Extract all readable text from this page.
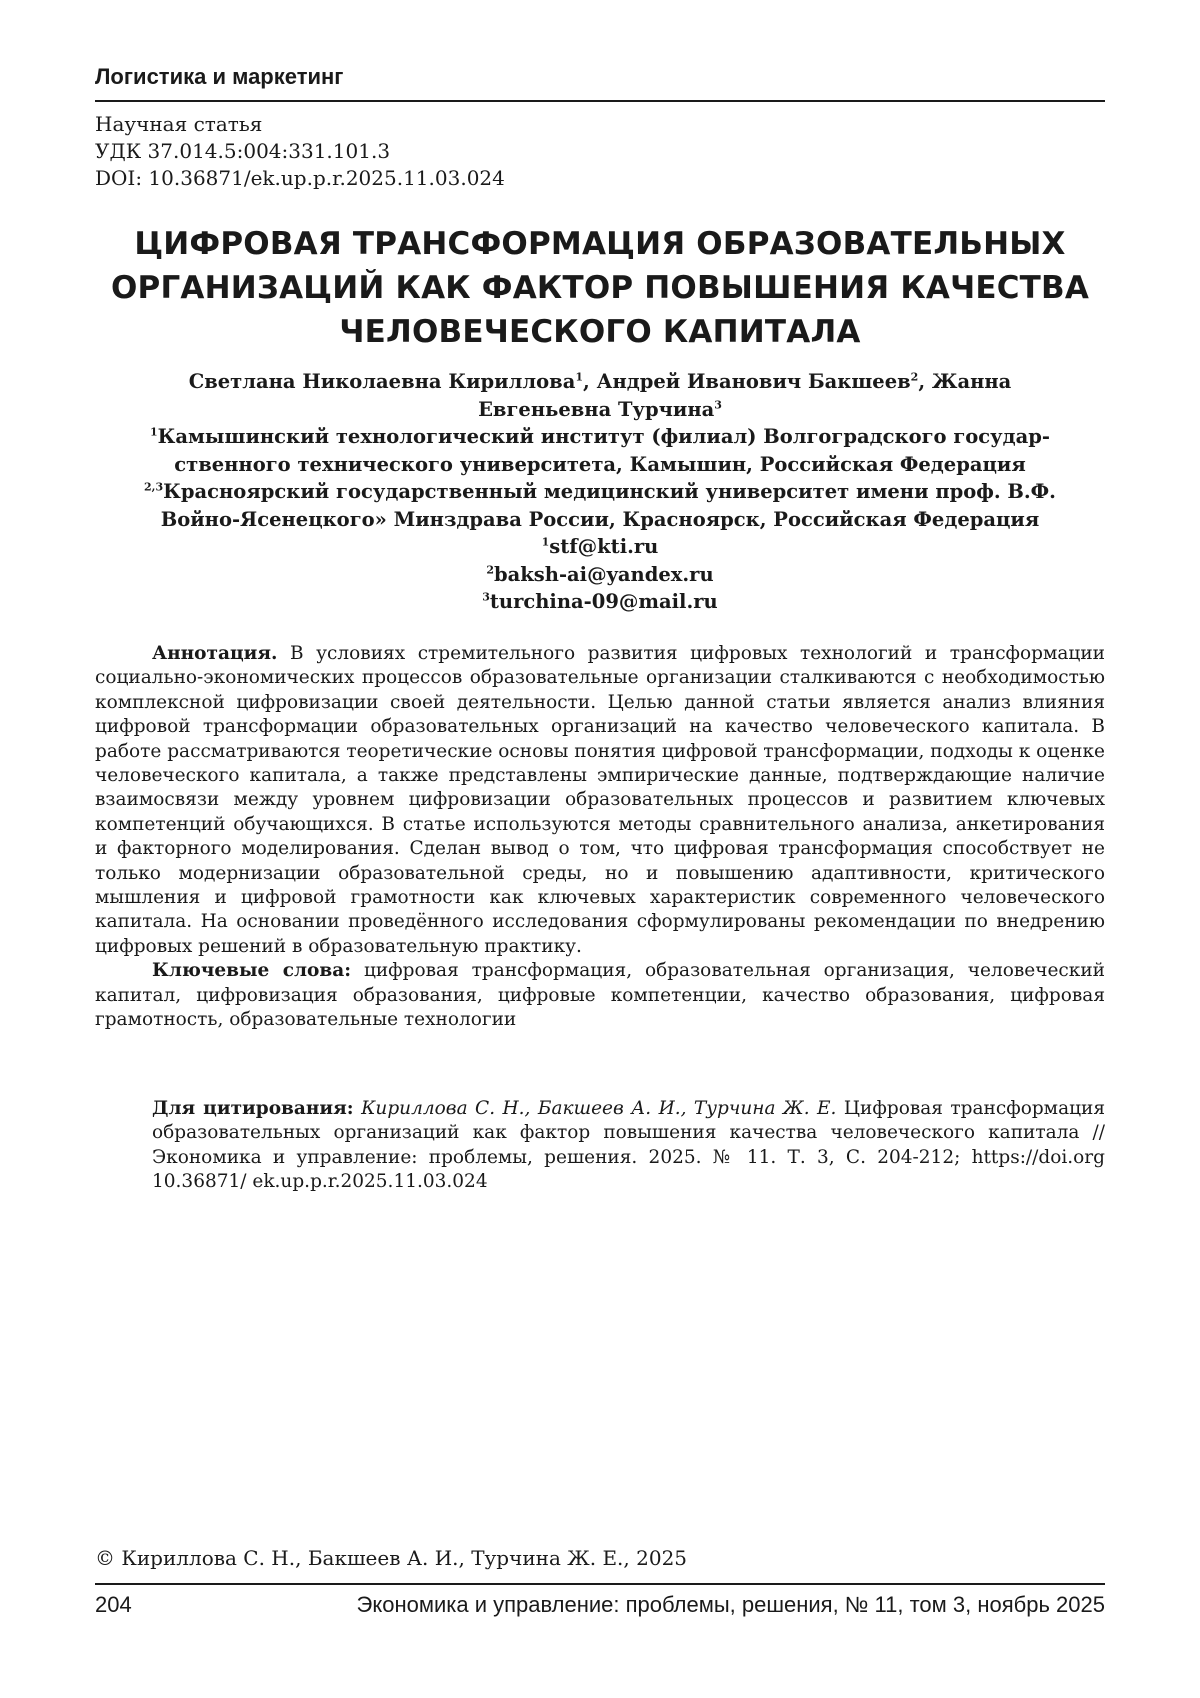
Логистика и маркетинг
Научная статья
УДК 37.014.5:004:331.101.3
DOI: 10.36871/ek.up.p.r.2025.11.03.024
ЦИФРОВАЯ ТРАНСФОРМАЦИЯ ОБРАЗОВАТЕЛЬНЫХ
ОРГАНИЗАЦИЙ КАК ФАКТОР ПОВЫШЕНИЯ КАЧЕСТВА
ЧЕЛОВЕЧЕСКОГО КАПИТАЛА
Светлана Николаевна Кириллова$^1$, Андрей Иванович Бакшеев$^2$, Жанна
Евгеньевна Турчина$^3$
$^1$Камышинский технологический институт (филиал) Волгоградского государ-
ственного технического университета, Камышин, Российская Федерация
$^{2,3}$Красноярский государственный медицинский университет имени проф. В.Ф.
Войно-Ясенецкого» Минздрава России, Красноярск, Российская Федерация
$^1$stf@kti.ru
$^2$baksh-ai@yandex.ru
$^3$turchina-09@mail.ru

Аннотация. В условиях стремительного развития цифровых технологий и трансформации социально-экономических процессов образовательные организации сталкиваются с необходимостью комплексной цифровизации своей деятельности. Целью данной статьи является анализ влияния цифровой трансформации образовательных организаций на качество человеческого капитала. В работе рассматриваются теоретические основы понятия цифровой трансформации, подходы к оценке человеческого капитала, а также представлены эмпирические данные, подтверждающие наличие взаимосвязи между уровнем цифровизации образовательных процессов и развитием ключевых компетенций обучающихся. В статье используются методы сравнительного анализа, анкетирования и факторного моделирования. Сделан вывод о том, что цифровая трансформация способствует не только модернизации образовательной среды, но и повышению адаптивности, критического мышления и цифровой грамотности как ключевых характеристик современного человеческого капитала. На основании проведённого исследования сформулированы рекомендации по внедрению цифровых решений в образовательную практику.

Ключевые слова: цифровая трансформация, образовательная организация, человеческий капитал, цифровизация образования, цифровые компетенции, качество образования, цифровая грамотность, образовательные технологии

Для цитирования: Кириллова С. Н., Бакшеев А. И., Турчина Ж. Е. Цифровая трансформация образовательных организаций как фактор повышения качества человеческого капитала // Экономика и управление: проблемы, решения. 2025. № 11. Т. 3, С. 204-212; https://doi.org 10.36871/ ek.up.p.r.2025.11.03.024
© Кириллова С. Н., Бакшеев А. И., Турчина Ж. Е., 2025
204	Экономика и управление: проблемы, решения, № 11, том 3, ноябрь 2025
